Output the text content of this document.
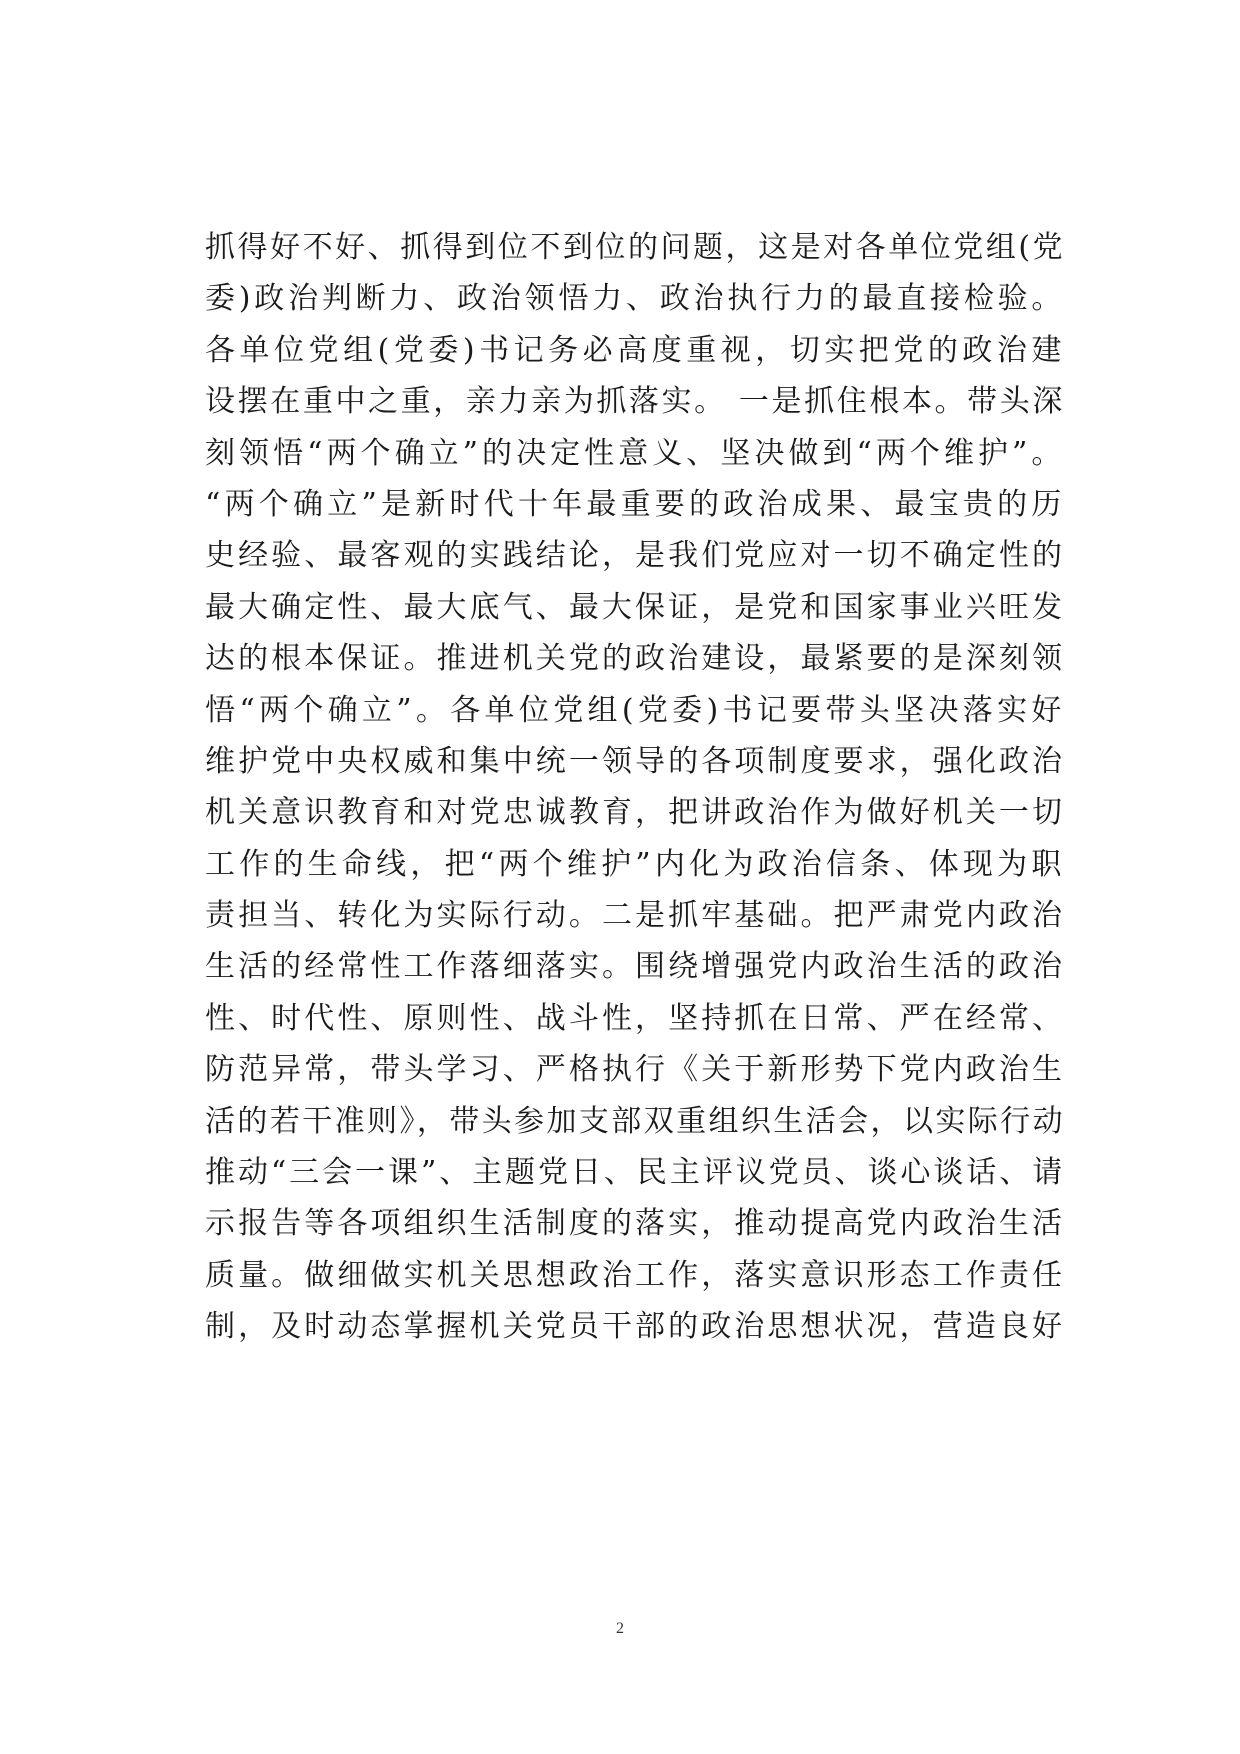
抓得好不好、抓得到位不到位的问题，这是对各单位党组(党
委)政治判断力、政治领悟力、政治执行力的最直接检验。
各单位党组(党委)书记务必高度重视，切实把党的政治建
设摆在重中之重，亲力亲为抓落实。 一是抓住根本。带头深
刻领悟“两个确立”的决定性意义、坚决做到“两个维护”。
“两个确立”是新时代十年最重要的政治成果、最宝贵的历
史经验、最客观的实践结论，是我们党应对一切不确定性的
最大确定性、最大底气、最大保证，是党和国家事业兴旺发
达的根本保证。推进机关党的政治建设，最紧要的是深刻领
悟“两个确立”。各单位党组(党委)书记要带头坚决落实好
维护党中央权威和集中统一领导的各项制度要求，强化政治
机关意识教育和对党忠诚教育，把讲政治作为做好机关一切
工作的生命线，把“两个维护”内化为政治信条、体现为职
责担当、转化为实际行动。二是抓牢基础。把严肃党内政治
生活的经常性工作落细落实。围绕增强党内政治生活的政治
性、时代性、原则性、战斗性，坚持抓在日常、严在经常、
防范异常，带头学习、严格执行《关于新形势下党内政治生
活的若干准则》，带头参加支部双重组织生活会，以实际行动
推动“三会一课”、主题党日、民主评议党员、谈心谈话、请
示报告等各项组织生活制度的落实，推动提高党内政治生活
质量。做细做实机关思想政治工作，落实意识形态工作责任
制，及时动态掌握机关党员干部的政治思想状况，营造良好
2
